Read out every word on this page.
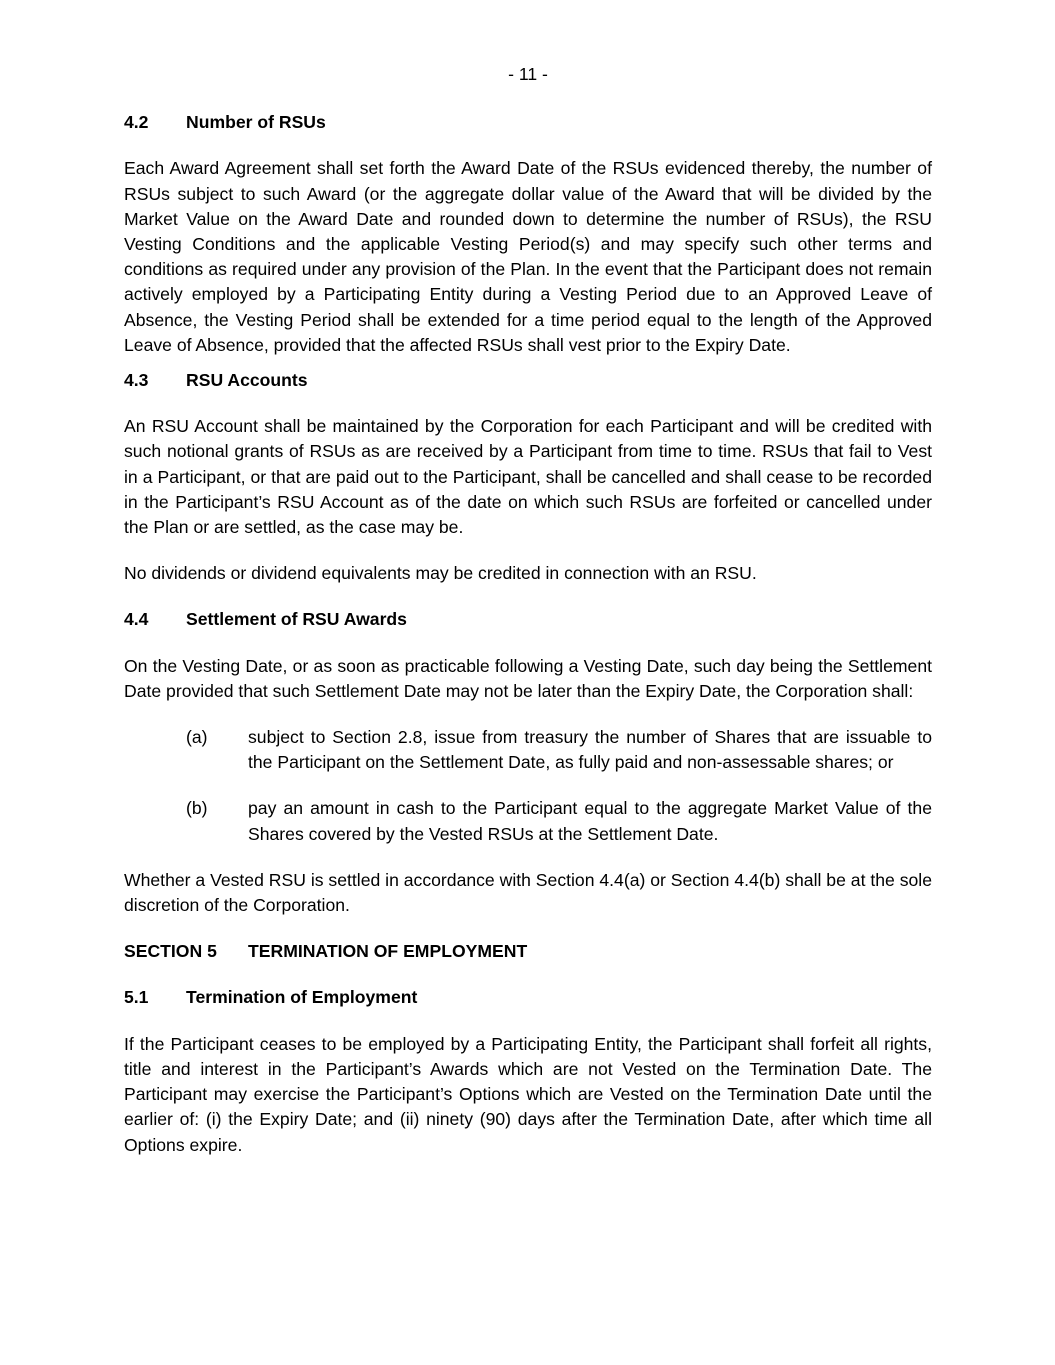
- 11 -
4.2	Number of RSUs

Each Award Agreement shall set forth the Award Date of the RSUs evidenced thereby, the number of RSUs subject to such Award (or the aggregate dollar value of the Award that will be divided by the Market Value on the Award Date and rounded down to determine the number of RSUs), the RSU Vesting Conditions and the applicable Vesting Period(s) and may specify such other terms and conditions as required under any provision of the Plan. In the event that the Participant does not remain actively employed by a Participating Entity during a Vesting Period due to an Approved Leave of Absence, the Vesting Period shall be extended for a time period equal to the length of the Approved Leave of Absence, provided that the affected RSUs shall vest prior to the Expiry Date.

4.3	RSU Accounts

An RSU Account shall be maintained by the Corporation for each Participant and will be credited with such notional grants of RSUs as are received by a Participant from time to time. RSUs that fail to Vest in a Participant, or that are paid out to the Participant, shall be cancelled and shall cease to be recorded in the Participant’s RSU Account as of the date on which such RSUs are forfeited or cancelled under the Plan or are settled, as the case may be.

No dividends or dividend equivalents may be credited in connection with an RSU.

4.4	Settlement of RSU Awards

On the Vesting Date, or as soon as practicable following a Vesting Date, such day being the Settlement Date provided that such Settlement Date may not be later than the Expiry Date, the Corporation shall:

(a)	subject to Section 2.8, issue from treasury the number of Shares that are issuable to the Participant on the Settlement Date, as fully paid and non-assessable shares; or
(b)	pay an amount in cash to the Participant equal to the aggregate Market Value of the Shares covered by the Vested RSUs at the Settlement Date.

Whether a Vested RSU is settled in accordance with Section 4.4(a) or Section 4.4(b) shall be at the sole discretion of the Corporation.

SECTION 5	TERMINATION OF EMPLOYMENT
5.1	Termination of Employment

If the Participant ceases to be employed by a Participating Entity, the Participant shall forfeit all rights, title and interest in the Participant’s Awards which are not Vested on the Termination Date. The Participant may exercise the Participant’s Options which are Vested on the Termination Date until the earlier of: (i) the Expiry Date; and (ii) ninety (90) days after the Termination Date, after which time all Options expire.
